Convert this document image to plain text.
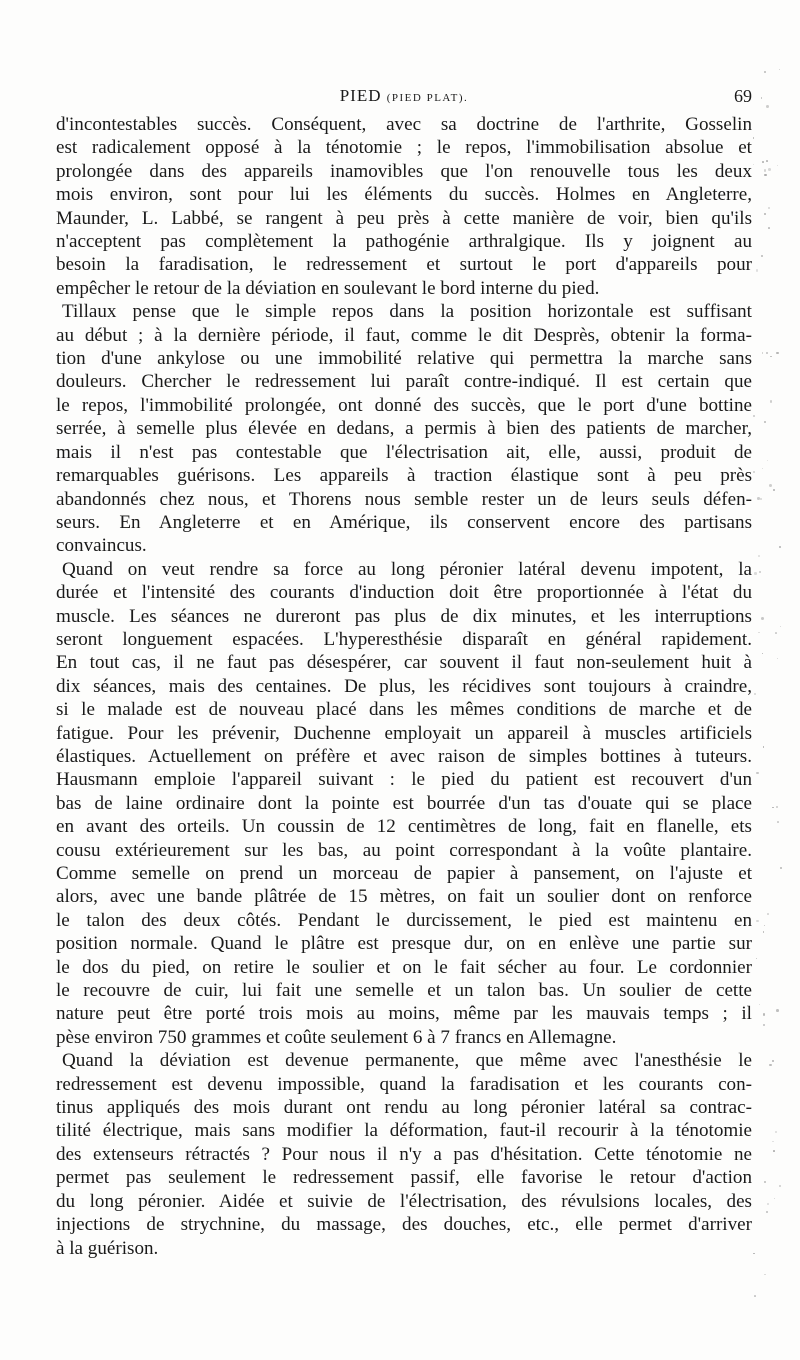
PIED (PIED PLAT).	69
d'incontestables succès. Conséquent, avec sa doctrine de l'arthrite, Gosselin
est radicalement opposé à la ténotomie ; le repos, l'immobilisation absolue et
prolongée dans des appareils inamovibles que l'on renouvelle tous les deux
mois environ, sont pour lui les éléments du succès. Holmes en Angleterre,
Maunder, L. Labbé, se rangent à peu près à cette manière de voir, bien qu'ils
n'acceptent pas complètement la pathogénie arthralgique. Ils y joignent au
besoin la faradisation, le redressement et surtout le port d'appareils pour
empêcher le retour de la déviation en soulevant le bord interne du pied.
Tillaux pense que le simple repos dans la position horizontale est suffisant
au début ; à la dernière période, il faut, comme le dit Desprès, obtenir la forma-
tion d'une ankylose ou une immobilité relative qui permettra la marche sans
douleurs. Chercher le redressement lui paraît contre-indiqué. Il est certain que
le repos, l'immobilité prolongée, ont donné des succès, que le port d'une bottine
serrée, à semelle plus élevée en dedans, a permis à bien des patients de marcher,
mais il n'est pas contestable que l'électrisation ait, elle, aussi, produit de
remarquables guérisons. Les appareils à traction élastique sont à peu près
abandonnés chez nous, et Thorens nous semble rester un de leurs seuls défen-
seurs. En Angleterre et en Amérique, ils conservent encore des partisans
convaincus.
Quand on veut rendre sa force au long péronier latéral devenu impotent, la
durée et l'intensité des courants d'induction doit être proportionnée à l'état du
muscle. Les séances ne dureront pas plus de dix minutes, et les interruptions
seront longuement espacées. L'hyperesthésie disparaît en général rapidement.
En tout cas, il ne faut pas désespérer, car souvent il faut non-seulement huit à
dix séances, mais des centaines. De plus, les récidives sont toujours à craindre,
si le malade est de nouveau placé dans les mêmes conditions de marche et de
fatigue. Pour les prévenir, Duchenne employait un appareil à muscles artificiels
élastiques. Actuellement on préfère et avec raison de simples bottines à tuteurs.
Hausmann emploie l'appareil suivant : le pied du patient est recouvert d'un
bas de laine ordinaire dont la pointe est bourrée d'un tas d'ouate qui se place
en avant des orteils. Un coussin de 12 centimètres de long, fait en flanelle, ets
cousu extérieurement sur les bas, au point correspondant à la voûte plantaire.
Comme semelle on prend un morceau de papier à pansement, on l'ajuste et
alors, avec une bande plâtrée de 15 mètres, on fait un soulier dont on renforce
le talon des deux côtés. Pendant le durcissement, le pied est maintenu en
position normale. Quand le plâtre est presque dur, on en enlève une partie sur
le dos du pied, on retire le soulier et on le fait sécher au four. Le cordonnier
le recouvre de cuir, lui fait une semelle et un talon bas. Un soulier de cette
nature peut être porté trois mois au moins, même par les mauvais temps ; il
pèse environ 750 grammes et coûte seulement 6 à 7 francs en Allemagne.
Quand la déviation est devenue permanente, que même avec l'anesthésie le
redressement est devenu impossible, quand la faradisation et les courants con-
tinus appliqués des mois durant ont rendu au long péronier latéral sa contrac-
tilité électrique, mais sans modifier la déformation, faut-il recourir à la ténotomie
des extenseurs rétractés ? Pour nous il n'y a pas d'hésitation. Cette ténotomie ne
permet pas seulement le redressement passif, elle favorise le retour d'action
du long péronier. Aidée et suivie de l'électrisation, des révulsions locales, des
injections de strychnine, du massage, des douches, etc., elle permet d'arriver
à la guérison.
